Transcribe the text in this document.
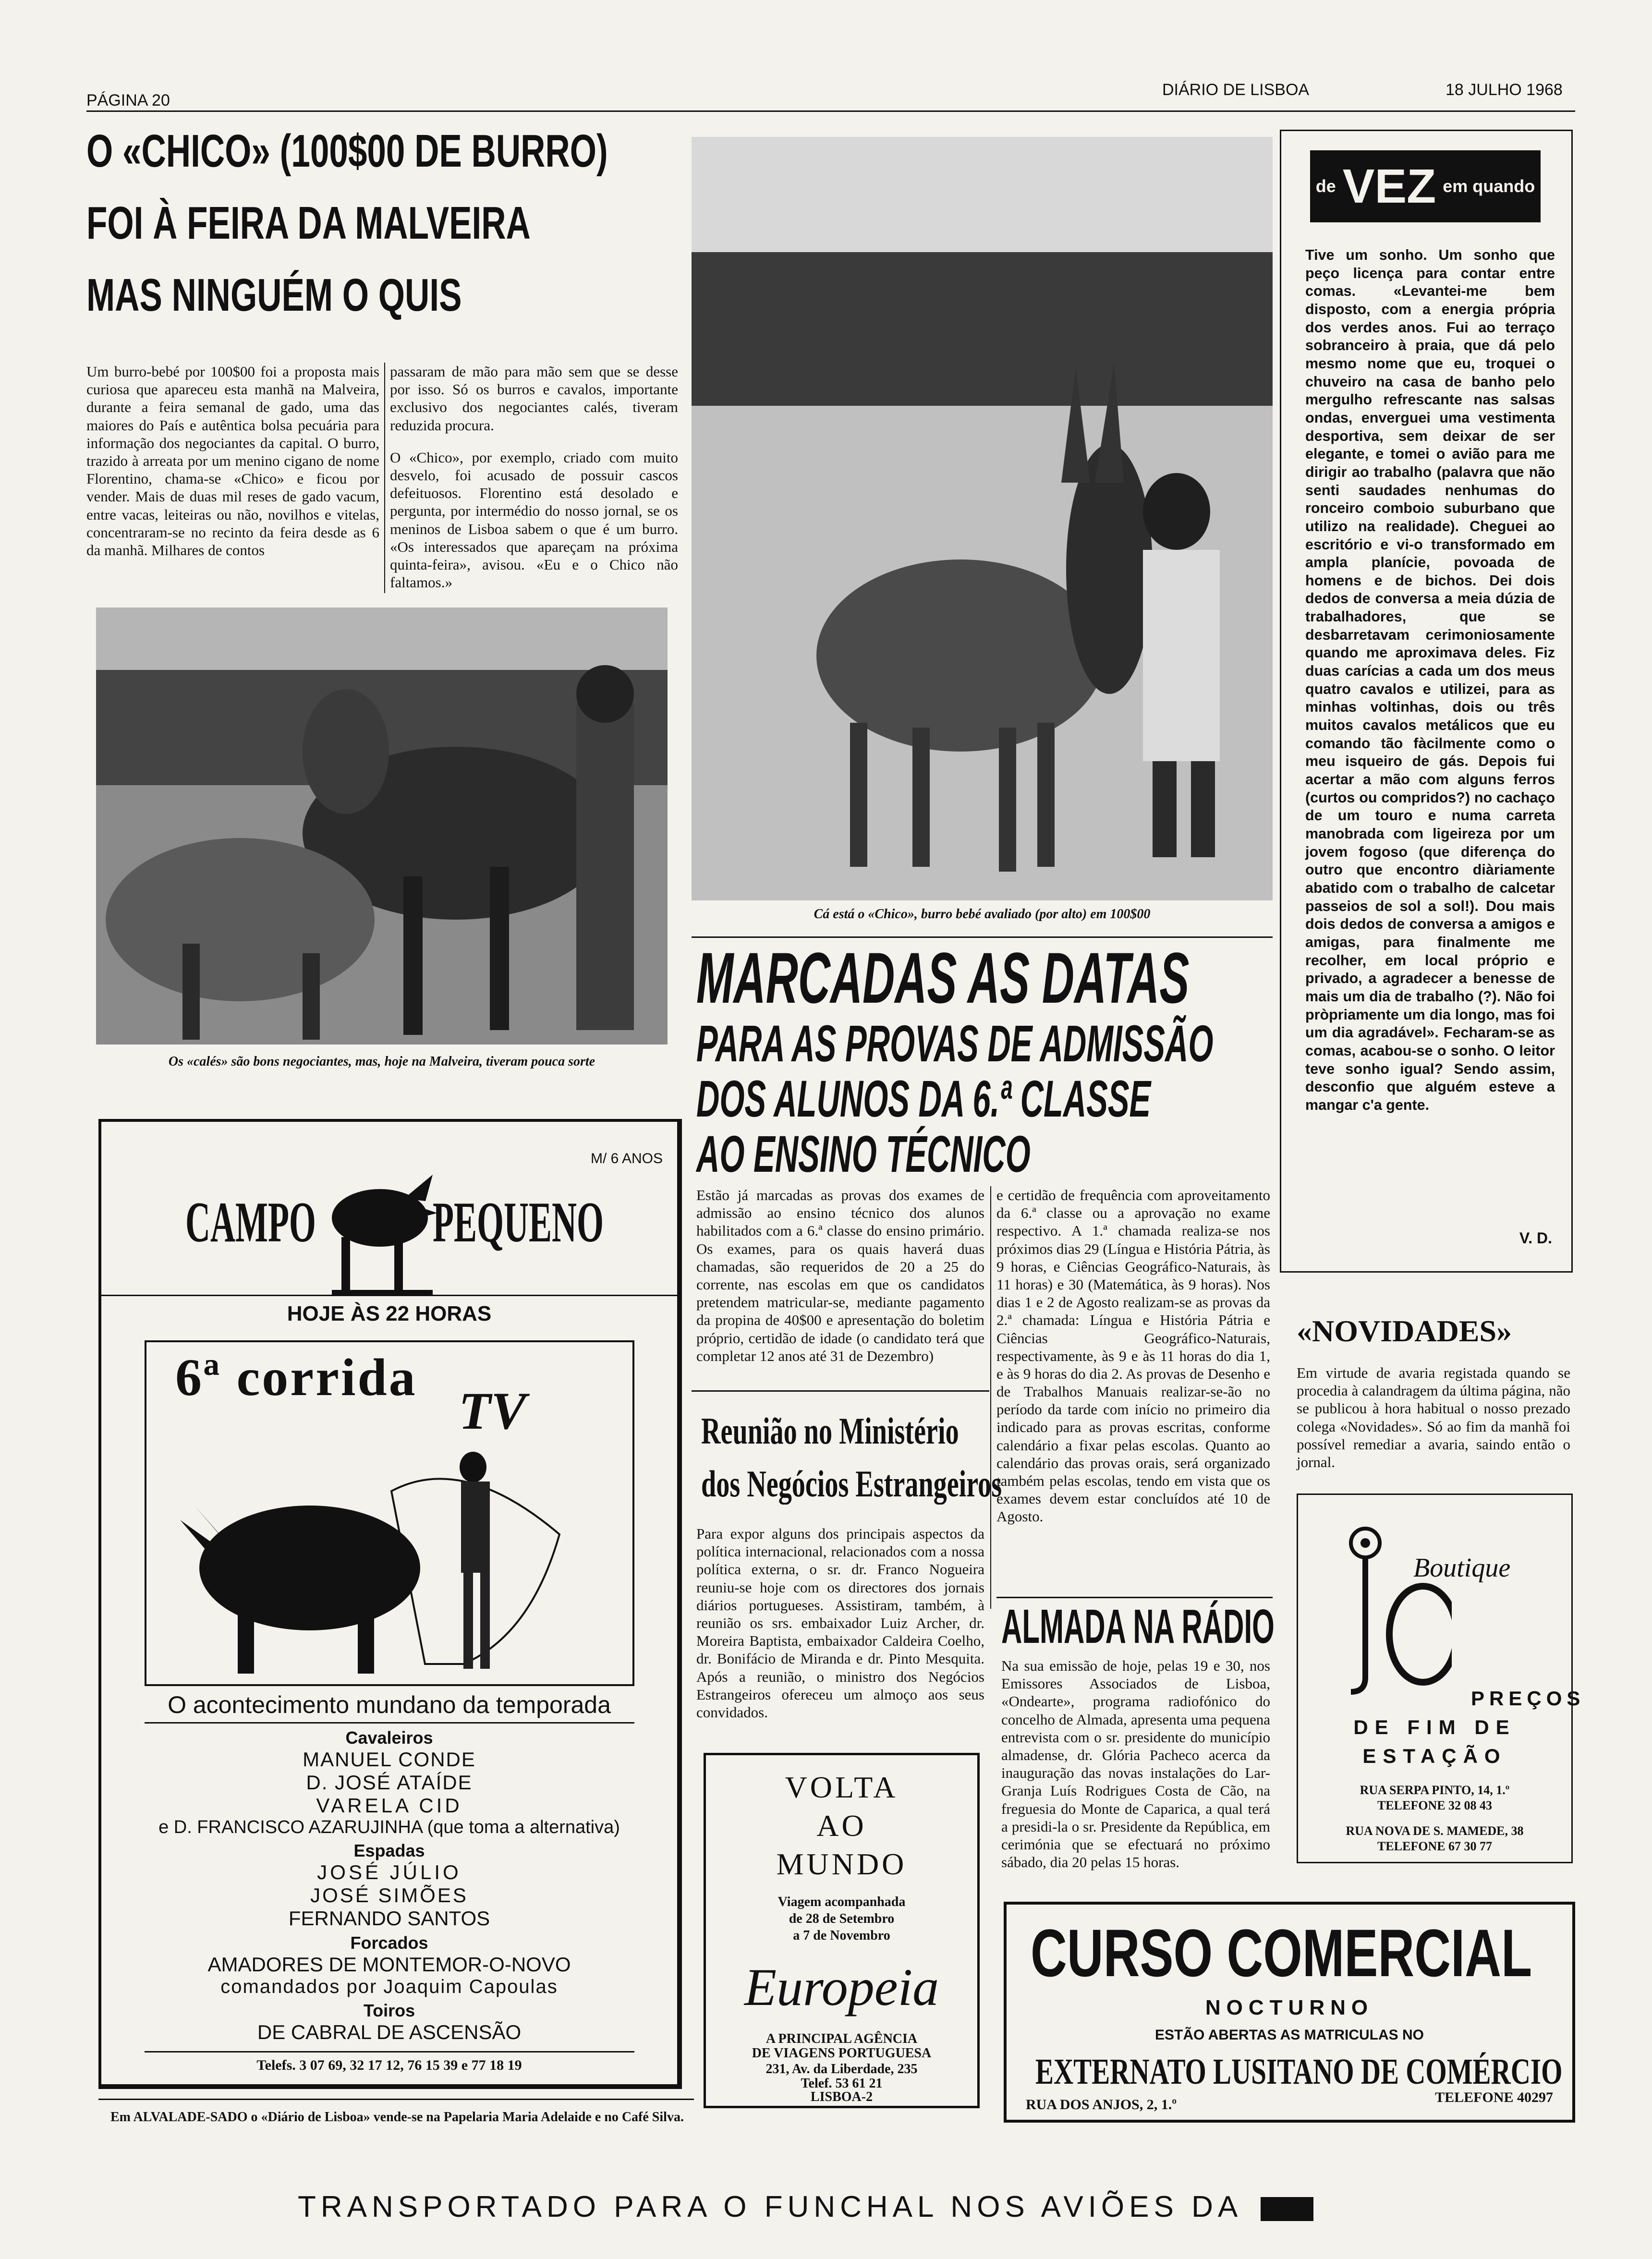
PÁGINA 20
DIÁRIO DE LISBOA	18 JULHO 1968
O «CHICO» (100$00 DE BURRO)
FOI À FEIRA DA MALVEIRA
MAS NINGUÉM O QUIS

Um burro-bebé por 100$00 foi a proposta mais curiosa que apareceu esta manhã na Malveira, durante a feira semanal de gado, uma das maiores do País e autêntica bolsa pecuária para informação dos negociantes da capital. O burro, trazido à arreata por um menino cigano de nome Florentino, chama-se «Chico» e ficou por vender. Mais de duas mil reses de gado vacum, entre vacas, leiteiras ou não, novilhos e vitelas, concentraram-se no recinto da feira desde as 6 da manhã. Milhares de contos

passaram de mão para mão sem que se desse por isso. Só os burros e cavalos, importante exclusivo dos negociantes calés, tiveram reduzida procura.

O «Chico», por exemplo, criado com muito desvelo, foi acusado de possuir cascos defeituosos. Florentino está desolado e pergunta, por intermédio do nosso jornal, se os meninos de Lisboa sabem o que é um burro. «Os interessados que apareçam na próxima quinta-feira», avisou. «Eu e o Chico não faltamos.»

Os «calés» são bons negociantes, mas, hoje na Malveira, tiveram pouca sorte
Cá está o «Chico», burro bebé avaliado (por alto) em 100$00
de VEZ em quando
Tive um sonho. Um sonho que peço licença para contar entre comas. «Levantei-me bem disposto, com a energia própria dos verdes anos. Fui ao terraço sobranceiro à praia, que dá pelo mesmo nome que eu, troquei o chuveiro na casa de banho pelo mergulho refrescante nas salsas ondas, enverguei uma vestimenta desportiva, sem deixar de ser elegante, e tomei o avião para me dirigir ao trabalho (palavra que não senti saudades nenhumas do ronceiro comboio suburbano que utilizo na realidade). Cheguei ao escritório e vi-o transformado em ampla planície, povoada de homens e de bichos. Dei dois dedos de conversa a meia dúzia de trabalhadores, que se desbarretavam cerimoniosamente quando me aproximava deles. Fiz duas carícias a cada um dos meus quatro cavalos e utilizei, para as minhas voltinhas, dois ou três muitos cavalos metálicos que eu comando tão fàcilmente como o meu isqueiro de gás. Depois fui acertar a mão com alguns ferros (curtos ou compridos?) no cachaço de um touro e numa carreta manobrada com ligeireza por um jovem fogoso (que diferença do outro que encontro diàriamente abatido com o trabalho de calcetar passeios de sol a sol!). Dou mais dois dedos de conversa a amigos e amigas, para finalmente me recolher, em local próprio e privado, a agradecer a benesse de mais um dia de trabalho (?). Não foi pròpriamente um dia longo, mas foi um dia agradável». Fecharam-se as comas, acabou-se o sonho. O leitor teve sonho igual? Sendo assim, desconfio que alguém esteve a mangar c'a gente.
V. D.
«NOVIDADES»
Em virtude de avaria registada quando se procedia à calandragem da última página, não se publicou à hora habitual o nosso prezado colega «Novidades». Só ao fim da manhã foi possível remediar a avaria, saindo então o jornal.
MARCADAS AS DATAS
PARA AS PROVAS DE ADMISSÃO
DOS ALUNOS DA 6.ª CLASSE
AO ENSINO TÉCNICO
Estão já marcadas as provas dos exames de admissão ao ensino técnico dos alunos habilitados com a 6.ª classe do ensino primário. Os exames, para os quais haverá duas chamadas, são requeridos de 20 a 25 do corrente, nas escolas em que os candidatos pretendem matricular-se, mediante pagamento da propina de 40$00 e apresentação do boletim próprio, certidão de idade (o candidato terá que completar 12 anos até 31 de Dezembro)
e certidão de frequência com aproveitamento da 6.ª classe ou a aprovação no exame respectivo. A 1.ª chamada realiza-se nos próximos dias 29 (Língua e História Pátria, às 9 horas, e Ciências Geográfico-Naturais, às 11 horas) e 30 (Matemática, às 9 horas). Nos dias 1 e 2 de Agosto realizam-se as provas da 2.ª chamada: Língua e História Pátria e Ciências Geográfico-Naturais, respectivamente, às 9 e às 11 horas do dia 1, e às 9 horas do dia 2. As provas de Desenho e de Trabalhos Manuais realizar-se-ão no período da tarde com início no primeiro dia indicado para as provas escritas, conforme calendário a fixar pelas escolas. Quanto ao calendário das provas orais, será organizado também pelas escolas, tendo em vista que os exames devem estar concluídos até 10 de Agosto.
Reunião no Ministério
dos Negócios Estrangeiros
Para expor alguns dos principais aspectos da política internacional, relacionados com a nossa política externa, o sr. dr. Franco Nogueira reuniu-se hoje com os directores dos jornais diários portugueses. Assistiram, também, à reunião os srs. embaixador Luiz Archer, dr. Moreira Baptista, embaixador Caldeira Coelho, dr. Bonifácio de Miranda e dr. Pinto Mesquita. Após a reunião, o ministro dos Negócios Estrangeiros ofereceu um almoço aos seus convidados.
ALMADA NA RÁDIO
Na sua emissão de hoje, pelas 19 e 30, nos Emissores Associados de Lisboa, «Ondearte», programa radiofónico do concelho de Almada, apresenta uma pequena entrevista com o sr. presidente do município almadense, dr. Glória Pacheco acerca da inauguração das novas instalações do Lar-Granja Luís Rodrigues Costa de Cão, na freguesia do Monte de Caparica, a qual terá a presidi-la o sr. Presidente da República, em cerimónia que se efectuará no próximo sábado, dia 20 pelas 15 horas.
M/ 6 ANOS
CAMPO PEQUENO
HOJE ÀS 22 HORAS
6ª corrida
TV
O acontecimento mundano da temporada
Cavaleiros
MANUEL CONDE
D. JOSÉ ATAÍDE
VARELA CID
e D. FRANCISCO AZARUJINHA (que toma a alternativa)
Espadas
JOSÉ JÚLIO
JOSÉ SIMÕES
FERNANDO SANTOS
Forcados
AMADORES DE MONTEMOR-O-NOVO
comandados por Joaquim Capoulas
Toiros
DE CABRAL DE ASCENSÃO
Telefs. 3 07 69, 32 17 12, 76 15 39 e 77 18 19
Em ALVALADE-SADO o «Diário de Lisboa» vende-se na Papelaria Maria Adelaide e no Café Silva.
VOLTA
AO
MUNDO
Viagem acompanhada
de 28 de Setembro
a 7 de Novembro
Europeia
A PRINCIPAL AGÊNCIA
DE VIAGENS PORTUGUESA
231, Av. da Liberdade, 235
Telef. 53 61 21
LISBOA-2
Boutique
PREÇOS
DE FIM DE
ESTAÇÃO
RUA SERPA PINTO, 14, 1.º
TELEFONE 32 08 43
RUA NOVA DE S. MAMEDE, 38
TELEFONE 67 30 77
CURSO COMERCIAL
NOCTURNO
ESTÃO ABERTAS AS MATRICULAS NO
EXTERNATO LUSITANO DE COMÉRCIO
RUA DOS ANJOS, 2, 1.º	TELEFONE 40297
TRANSPORTADO PARA O FUNCHAL NOS AVIÕES DA
